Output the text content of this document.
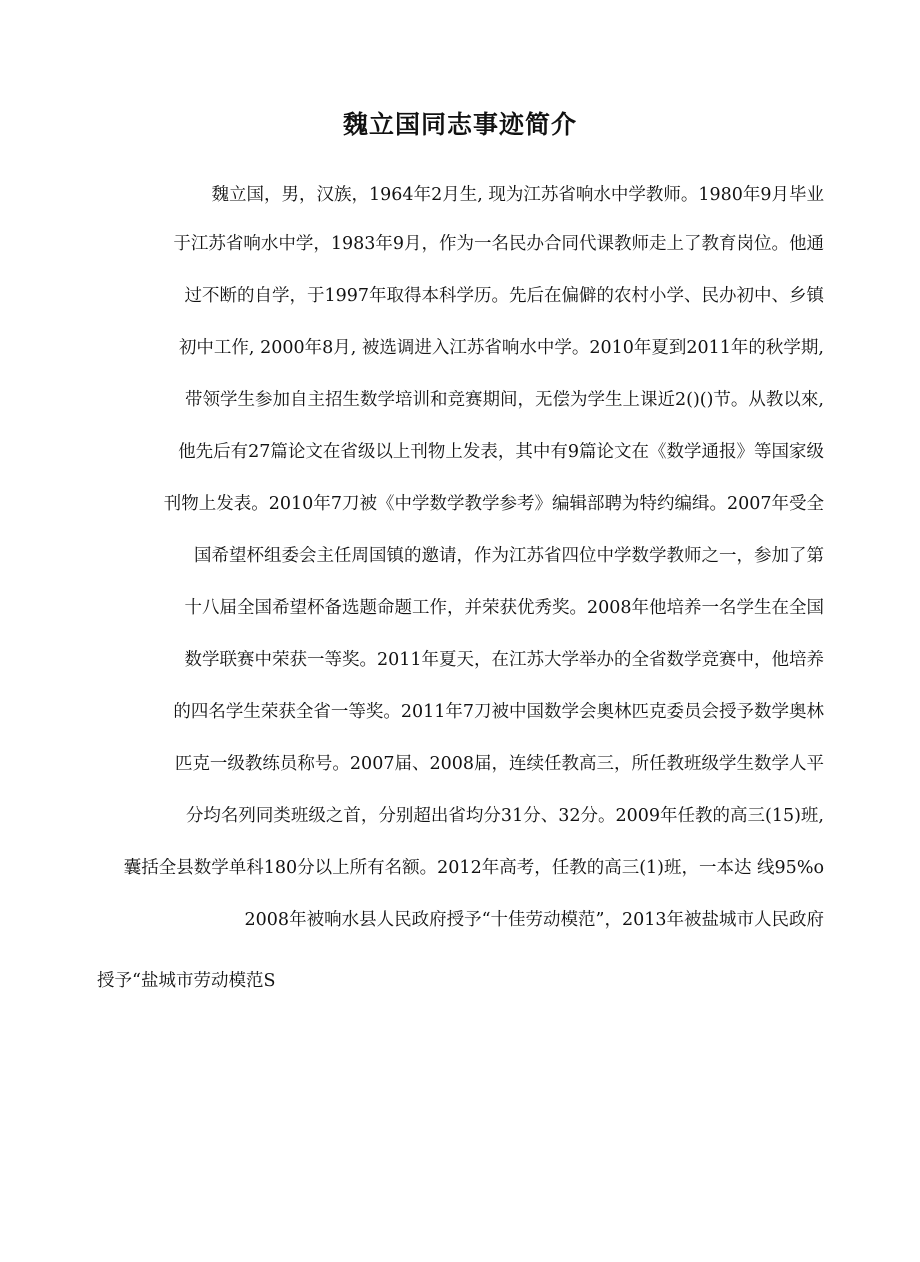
魏立国同志事迹简介
魏立国，男，汉族，1964年2月生, 现为江苏省响水中学教师。1980年9月毕业
于江苏省响水中学，1983年9月，作为一名民办合同代课教师走上了教育岗位。他通
过不断的自学，于1997年取得本科学历。先后在偏僻的农村小学、民办初中、乡镇
初中工作, 2000年8月, 被选调进入江苏省响水中学。2010年夏到2011年的秋学期,
带领学生参加自主招生数学培训和竞赛期间，无偿为学生上课近2()()节。从教以來,
他先后有27篇论文在省级以上刊物上发表，其中有9篇论文在《数学通报》等国家级
刊物上发表。2010年7刀被《中学数学教学参考》编辑部聘为特约编缉。2007年受全
国希望杯组委会主任周国镇的邀请，作为江苏省四位中学数学教师之一，参加了第
十八届全国希望杯备选题命题工作，并荣获优秀奖。2008年他培养一名学生在全国
数学联赛中荣获一等奖。2011年夏天，在江苏大学举办的全省数学竞赛中，他培养
的四名学生荣获全省一等奖。2011年7刀被中国数学会奥林匹克委员会授予数学奥林
匹克一级教练员称号。2007届、2008届，连续任教高三，所任教班级学生数学人平
分均名列同类班级之首，分别超出省均分31分、32分。2009年任教的高三(15)班,
囊括全县数学单科180分以上所有名额。2012年高考，任教的高三(1)班，一本达 线95%o
2008年被响水县人民政府授予“十佳劳动模范”，2013年被盐城市人民政府
授予“盐城市劳动模范S
